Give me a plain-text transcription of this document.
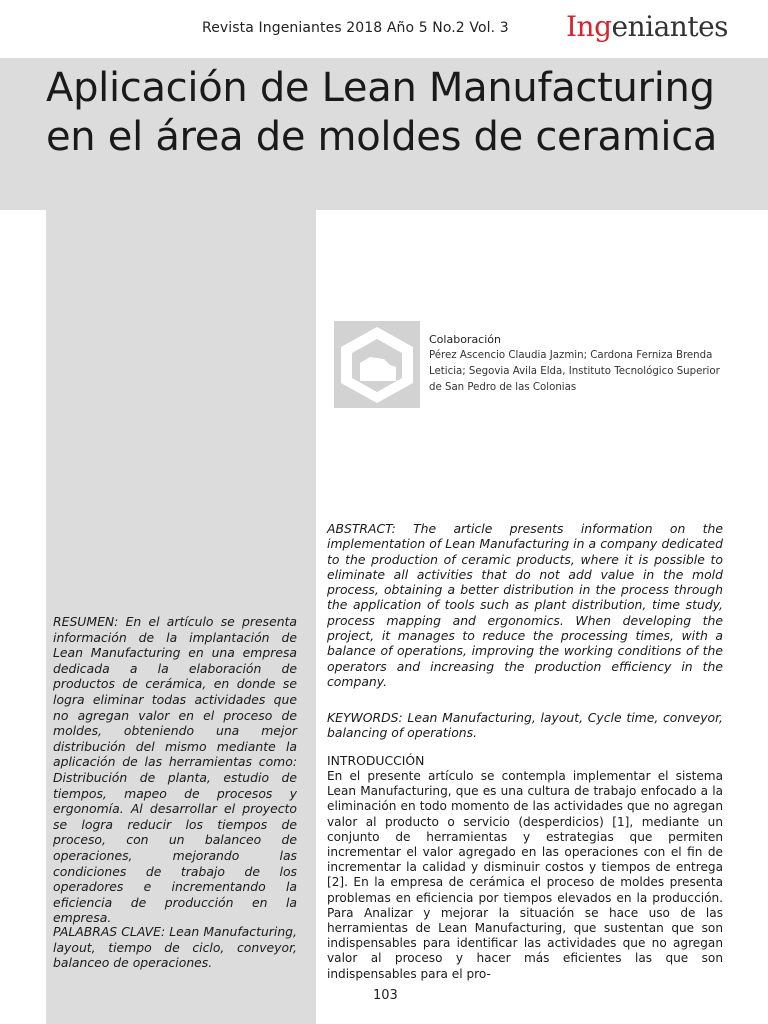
Revista Ingeniantes 2018 Año 5 No.2 Vol. 3 Ingeniantes
Aplicación de Lean Manufacturing
en el área de moldes de ceramica
Colaboración

Pérez Ascencio Claudia Jazmin; Cardona Ferniza Brenda Leticia; Segovia Avila Elda, Instituto Tecnológico Superior de San Pedro de las Colonias

RESUMEN: En el artículo se presenta información de la implantación de Lean Manufacturing en una empresa dedicada a la elaboración de productos de cerámica, en donde se logra eliminar todas actividades que no agregan valor en el proceso de moldes, obteniendo una mejor distribución del mismo mediante la aplicación de las herramientas como: Distribución de planta, estudio de tiempos, mapeo de procesos y ergonomía. Al desarrollar el proyecto se logra reducir los tiempos de proceso, con un balanceo de operaciones, mejorando las condiciones de trabajo de los operadores e incrementando la eficiencia de producción en la empresa.

PALABRAS CLAVE: Lean Manufacturing, layout, tiempo de ciclo, conveyor, balanceo de operaciones.

ABSTRACT: The article presents information on the implementation of Lean Manufacturing in a company dedicated to the production of ceramic products, where it is possible to eliminate all activities that do not add value in the mold process, obtaining a better distribution in the process through the application of tools such as plant distribution, time study, process mapping and ergonomics. When developing the project, it manages to reduce the processing times, with a balance of operations, improving the working conditions of the operators and increasing the production efficiency in the company.

KEYWORDS: Lean Manufacturing, layout, Cycle time, conveyor, balancing of operations.

INTRODUCCIÓN

En el presente artículo se contempla implementar el sistema Lean Manufacturing, que es una cultura de trabajo enfocado a la eliminación en todo momento de las actividades que no agregan valor al producto o servicio (desperdicios) [1], mediante un conjunto de herramientas y estrategias que permiten incrementar el valor agregado en las operaciones con el fin de incrementar la calidad y disminuir costos y tiempos de entrega [2]. En la empresa de cerámica el proceso de moldes presenta problemas en eficiencia por tiempos elevados en la producción. Para Analizar y mejorar la situación se hace uso de las herramientas de Lean Manufacturing, que sustentan que son indispensables para identificar las actividades que no agregan valor al proceso y hacer más eficientes las que son indispensables para el pro-

103
